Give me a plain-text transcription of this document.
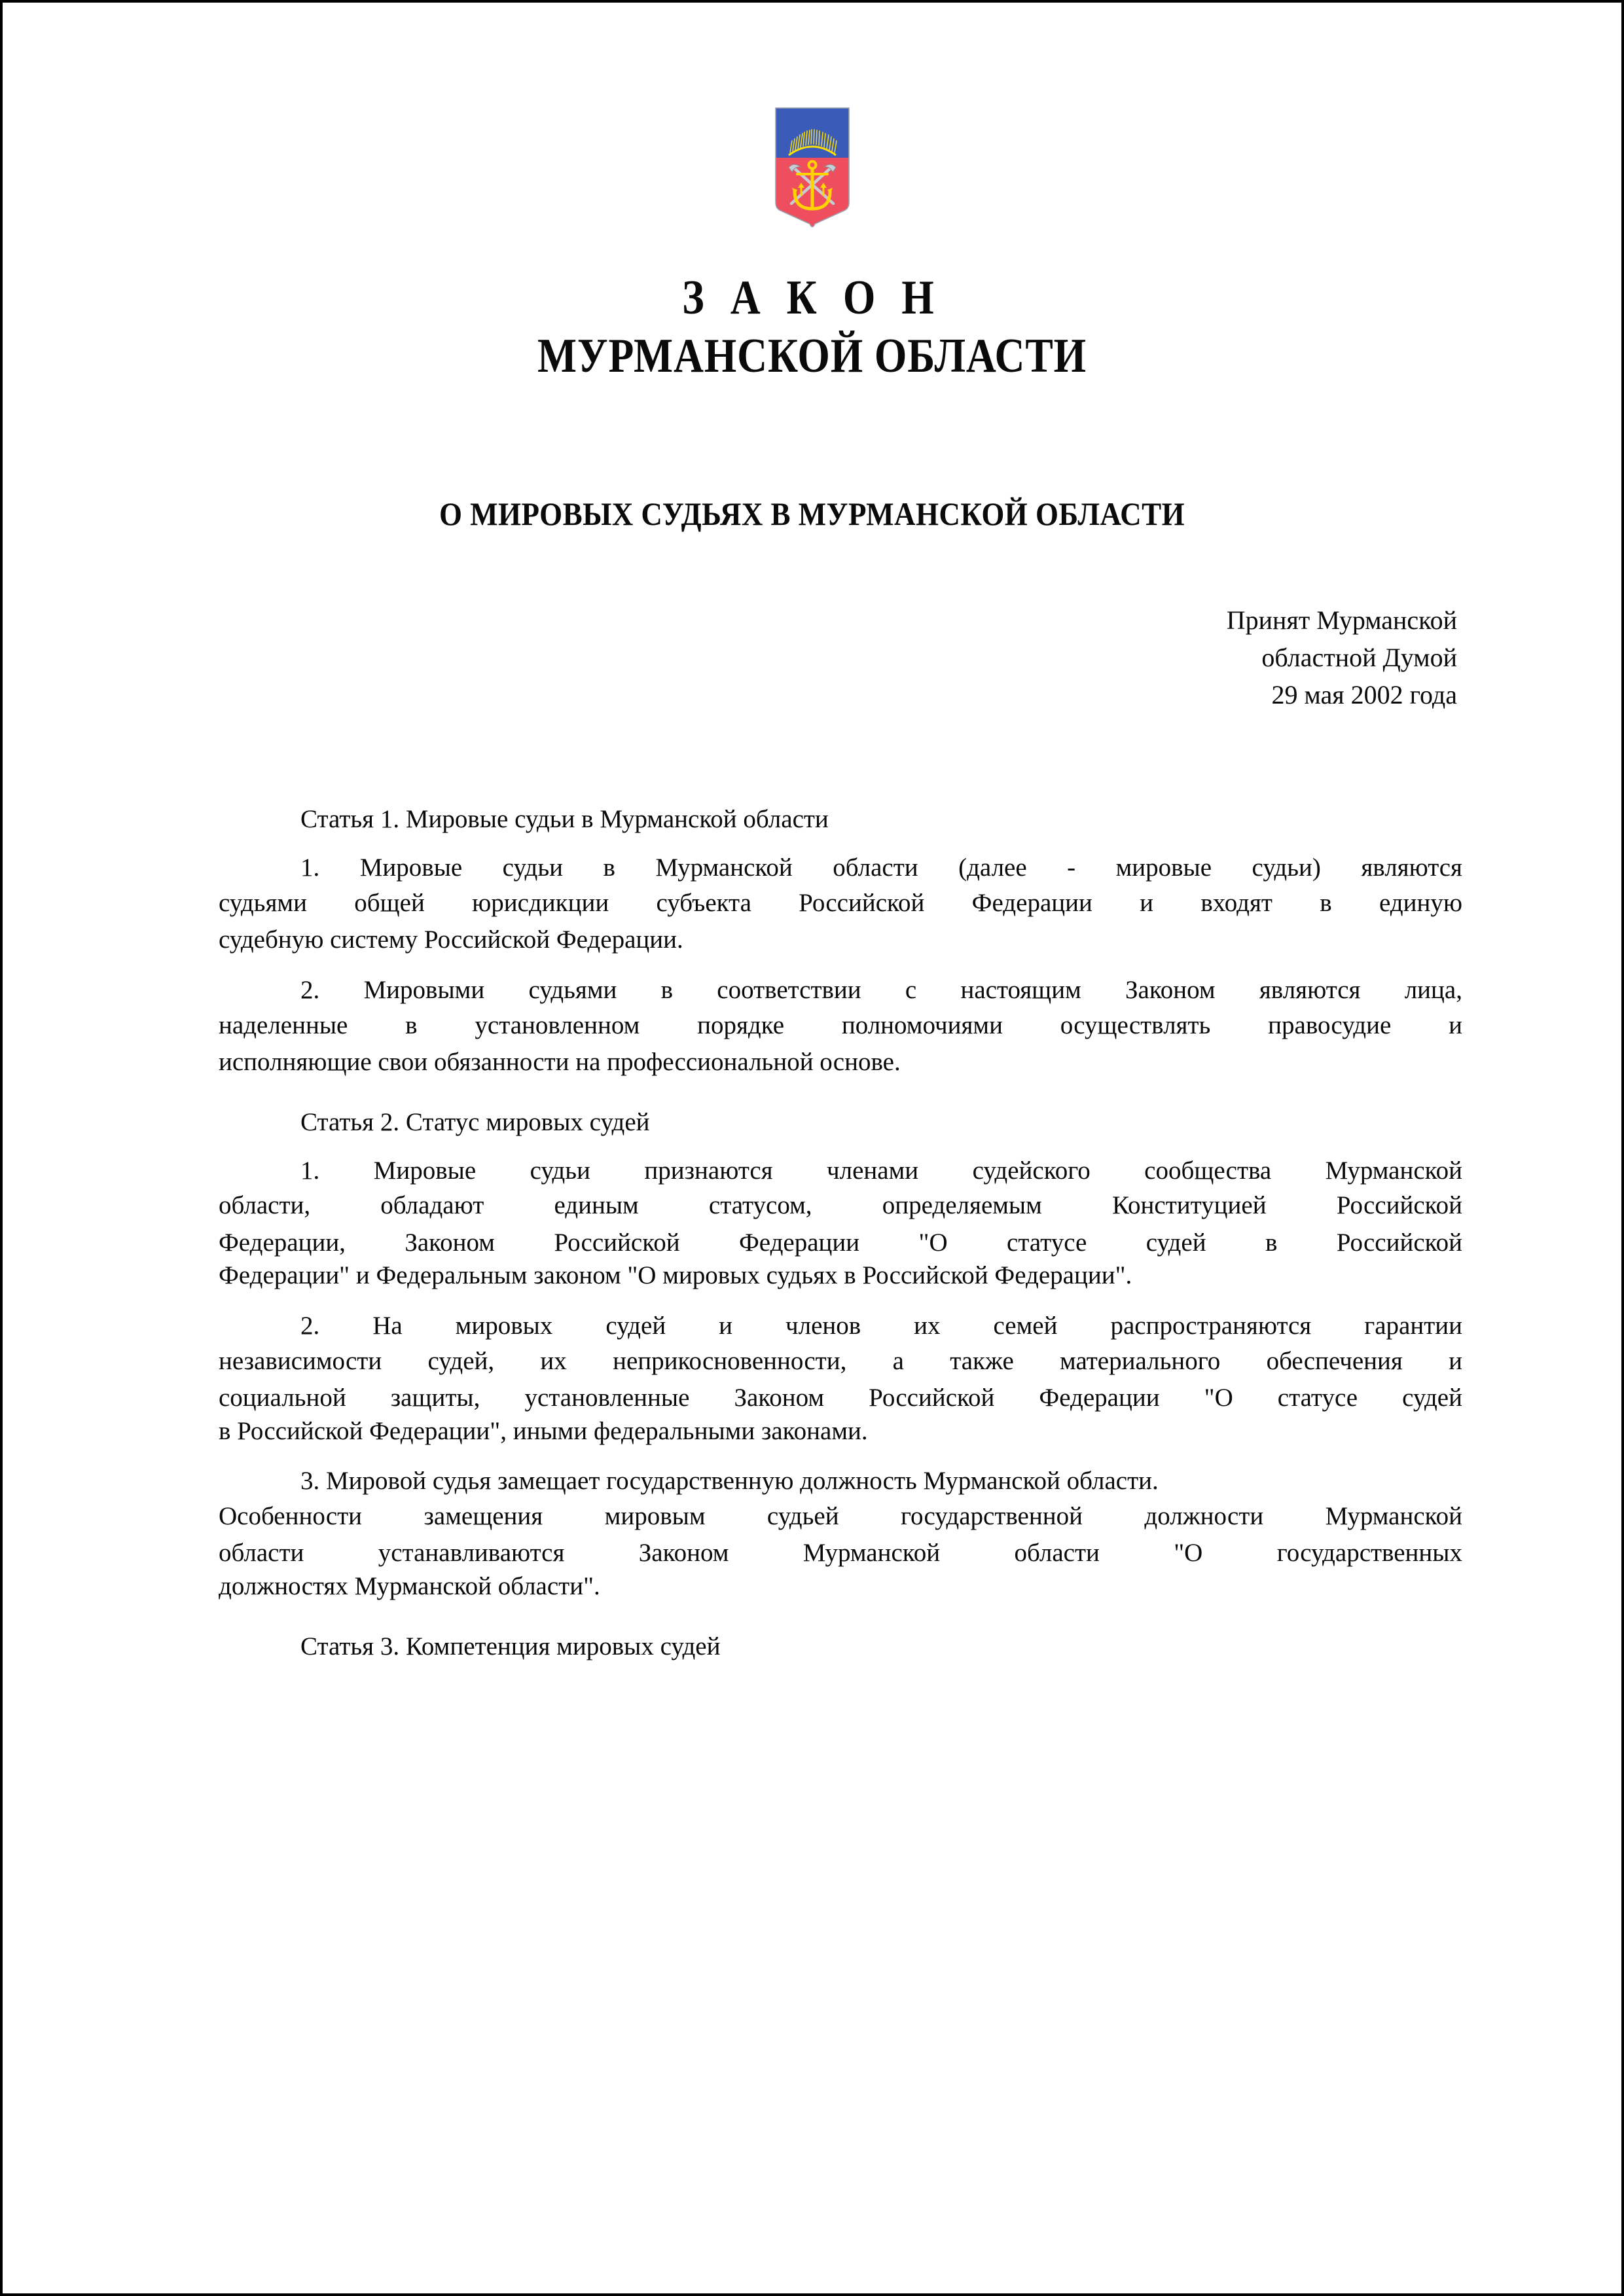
З А К О Н
МУРМАНСКОЙ ОБЛАСТИ
О МИРОВЫХ СУДЬЯХ В МУРМАНСКОЙ ОБЛАСТИ
Принят Мурманской
областной Думой
29 мая 2002 года
Статья 1. Мировые судьи в Мурманской области
1. Мировые судьи в Мурманской области (далее - мировые судьи) являются
судьями общей юрисдикции субъекта Российской Федерации и входят в единую
судебную систему Российской Федерации.
2. Мировыми судьями в соответствии с настоящим Законом являются лица,
наделенные в установленном порядке полномочиями осуществлять правосудие и
исполняющие свои обязанности на профессиональной основе.
Статья 2. Статус мировых судей
1. Мировые судьи признаются членами судейского сообщества Мурманской
области, обладают единым статусом, определяемым Конституцией Российской
Федерации, Законом Российской Федерации "О статусе судей в Российской
Федерации" и Федеральным законом "О мировых судьях в Российской Федерации".
2. На мировых судей и членов их семей распространяются гарантии
независимости судей, их неприкосновенности, а также материального обеспечения и
социальной защиты, установленные Законом Российской Федерации "О статусе судей
в Российской Федерации", иными федеральными законами.
3. Мировой судья замещает государственную должность Мурманской области.
Особенности замещения мировым судьей государственной должности Мурманской
области устанавливаются Законом Мурманской области "О государственных
должностях Мурманской области".
Статья 3. Компетенция мировых судей
